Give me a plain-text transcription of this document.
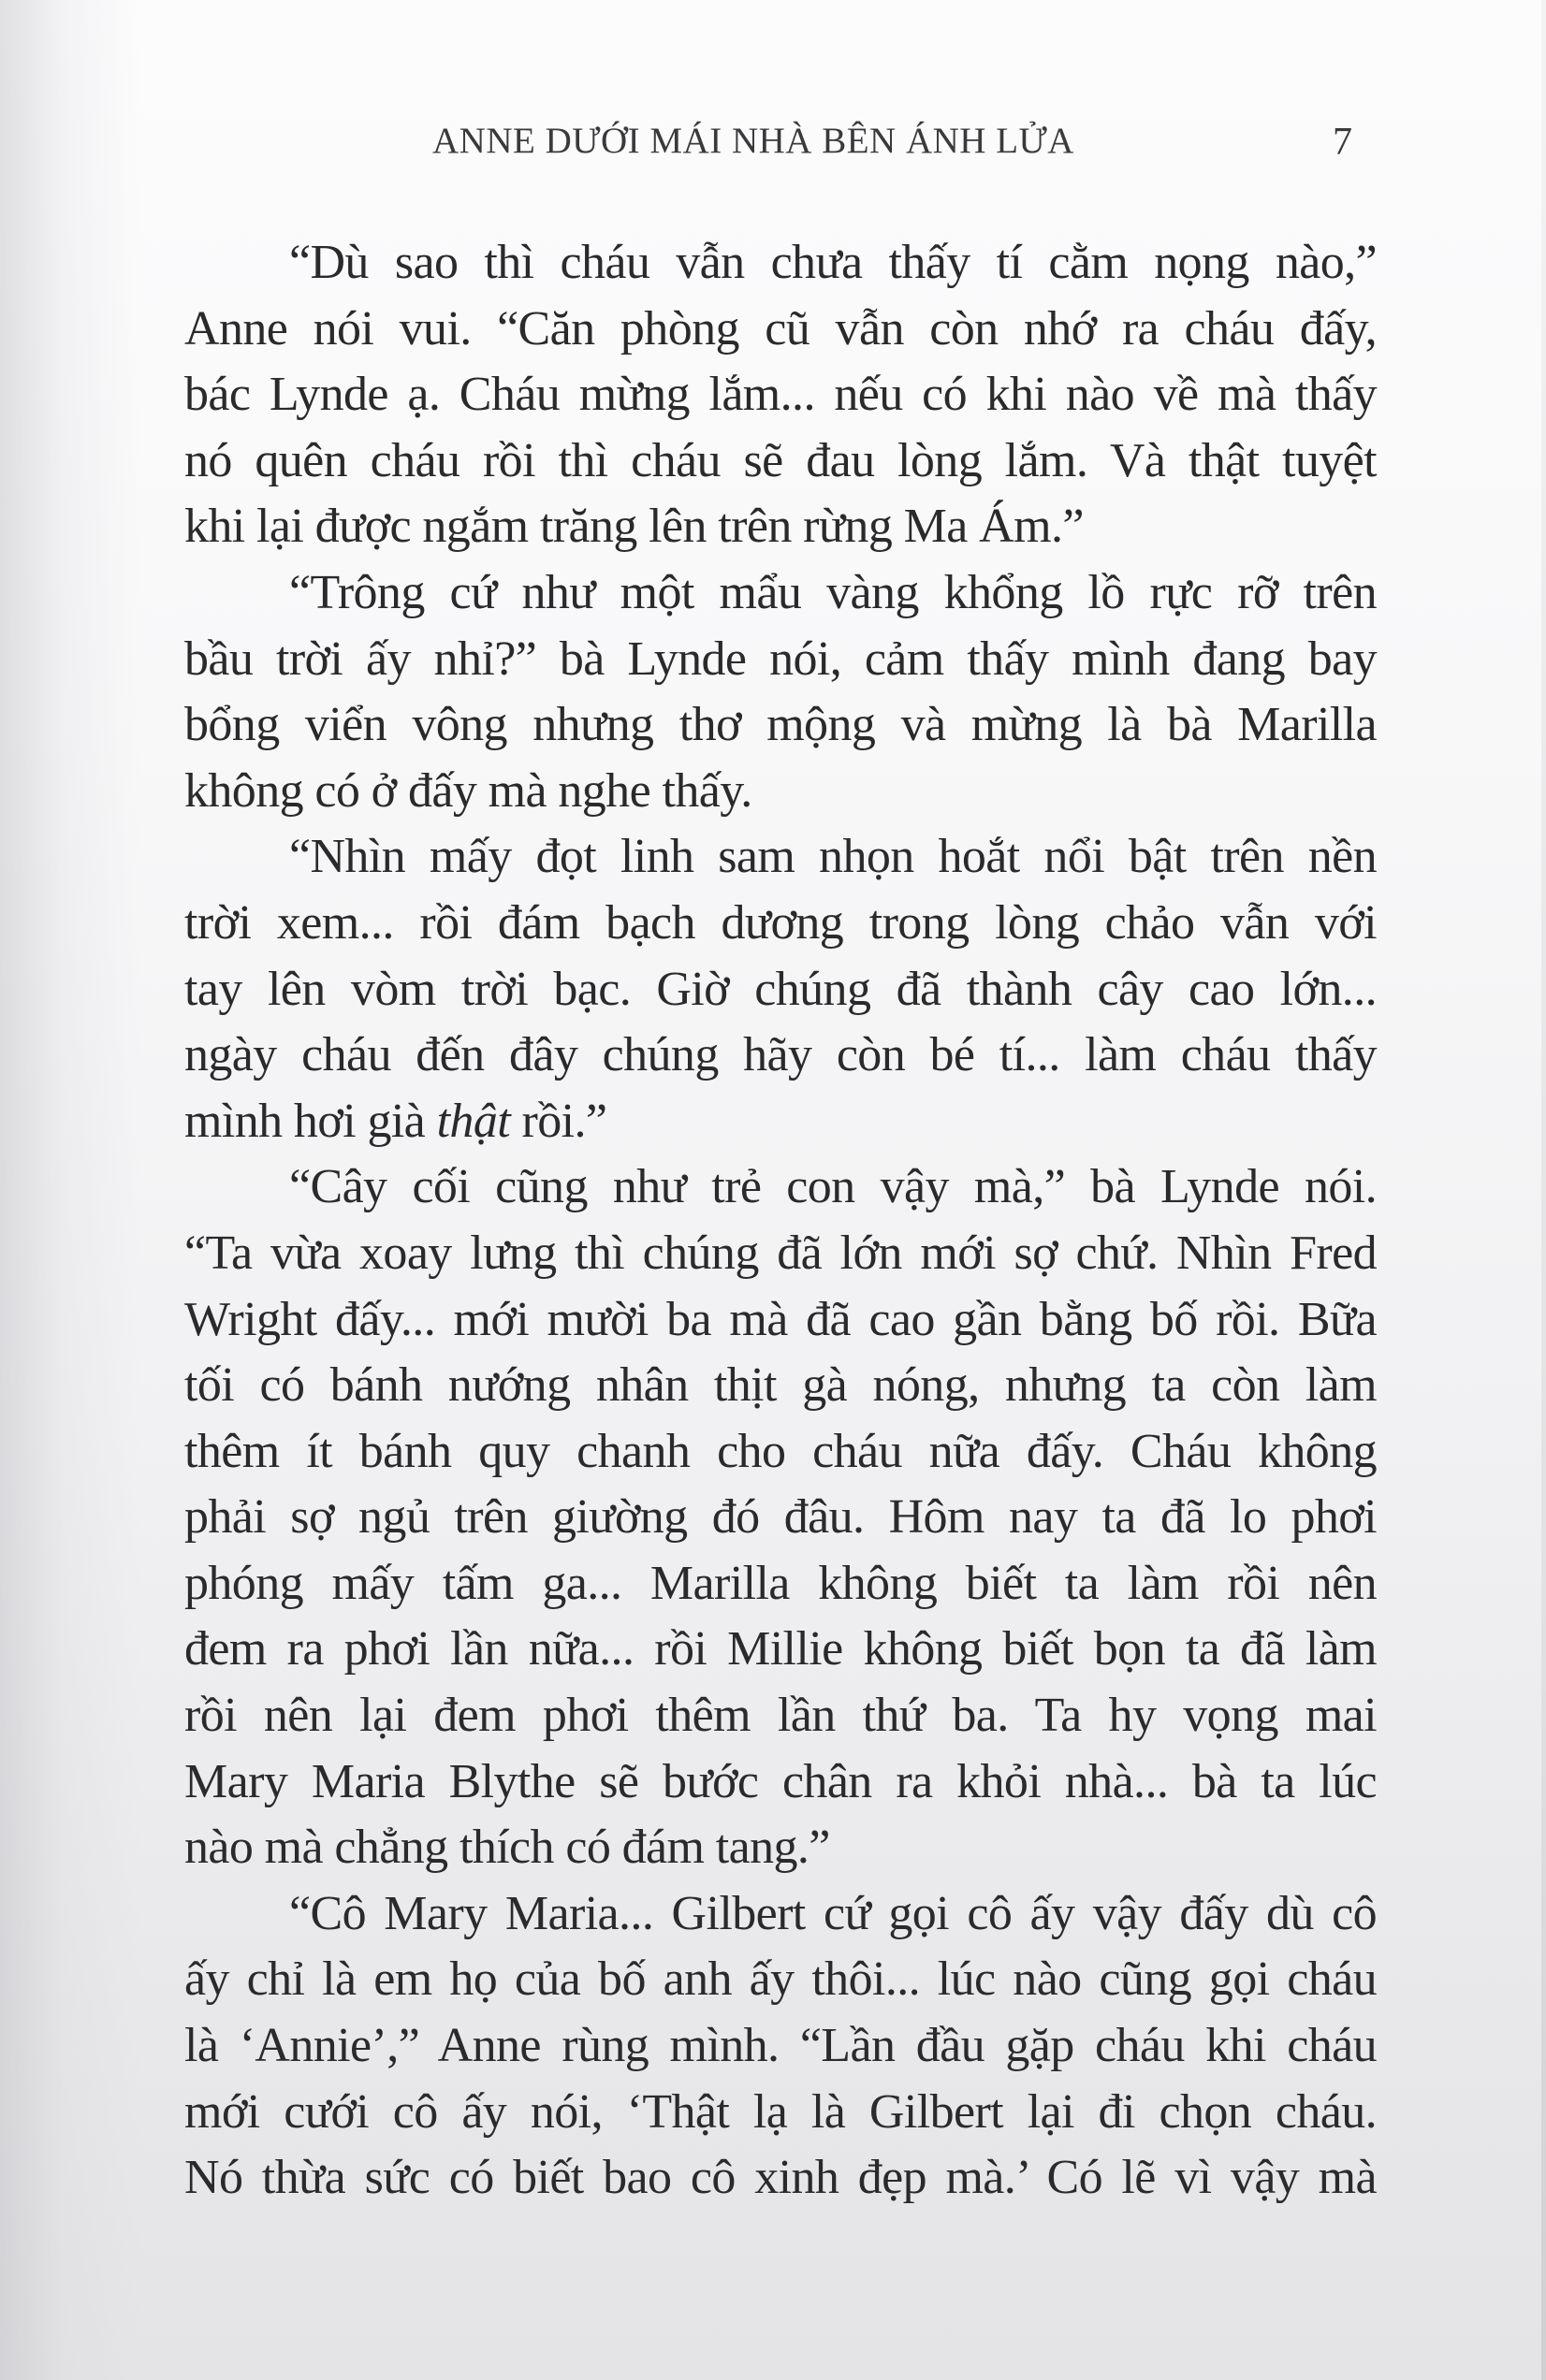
ANNE DƯỚI MÁI NHÀ BÊN ÁNH LỬA	7
“Dù sao thì cháu vẫn chưa thấy tí cằm nọng nào,”
Anne nói vui. “Căn phòng cũ vẫn còn nhớ ra cháu đấy,
bác Lynde ạ. Cháu mừng lắm... nếu có khi nào về mà thấy
nó quên cháu rồi thì cháu sẽ đau lòng lắm. Và thật tuyệt
khi lại được ngắm trăng lên trên rừng Ma Ám.”
“Trông cứ như một mẩu vàng khổng lồ rực rỡ trên
bầu trời ấy nhỉ?” bà Lynde nói, cảm thấy mình đang bay
bổng viển vông nhưng thơ mộng và mừng là bà Marilla
không có ở đấy mà nghe thấy.
“Nhìn mấy đọt linh sam nhọn hoắt nổi bật trên nền
trời xem... rồi đám bạch dương trong lòng chảo vẫn với
tay lên vòm trời bạc. Giờ chúng đã thành cây cao lớn...
ngày cháu đến đây chúng hãy còn bé tí... làm cháu thấy
mình hơi già thật rồi.”
“Cây cối cũng như trẻ con vậy mà,” bà Lynde nói.
“Ta vừa xoay lưng thì chúng đã lớn mới sợ chứ. Nhìn Fred
Wright đấy... mới mười ba mà đã cao gần bằng bố rồi. Bữa
tối có bánh nướng nhân thịt gà nóng, nhưng ta còn làm
thêm ít bánh quy chanh cho cháu nữa đấy. Cháu không
phải sợ ngủ trên giường đó đâu. Hôm nay ta đã lo phơi
phóng mấy tấm ga... Marilla không biết ta làm rồi nên
đem ra phơi lần nữa... rồi Millie không biết bọn ta đã làm
rồi nên lại đem phơi thêm lần thứ ba. Ta hy vọng mai
Mary Maria Blythe sẽ bước chân ra khỏi nhà... bà ta lúc
nào mà chẳng thích có đám tang.”
“Cô Mary Maria... Gilbert cứ gọi cô ấy vậy đấy dù cô
ấy chỉ là em họ của bố anh ấy thôi... lúc nào cũng gọi cháu
là ‘Annie’,” Anne rùng mình. “Lần đầu gặp cháu khi cháu
mới cưới cô ấy nói, ‘Thật lạ là Gilbert lại đi chọn cháu.
Nó thừa sức có biết bao cô xinh đẹp mà.’ Có lẽ vì vậy mà
